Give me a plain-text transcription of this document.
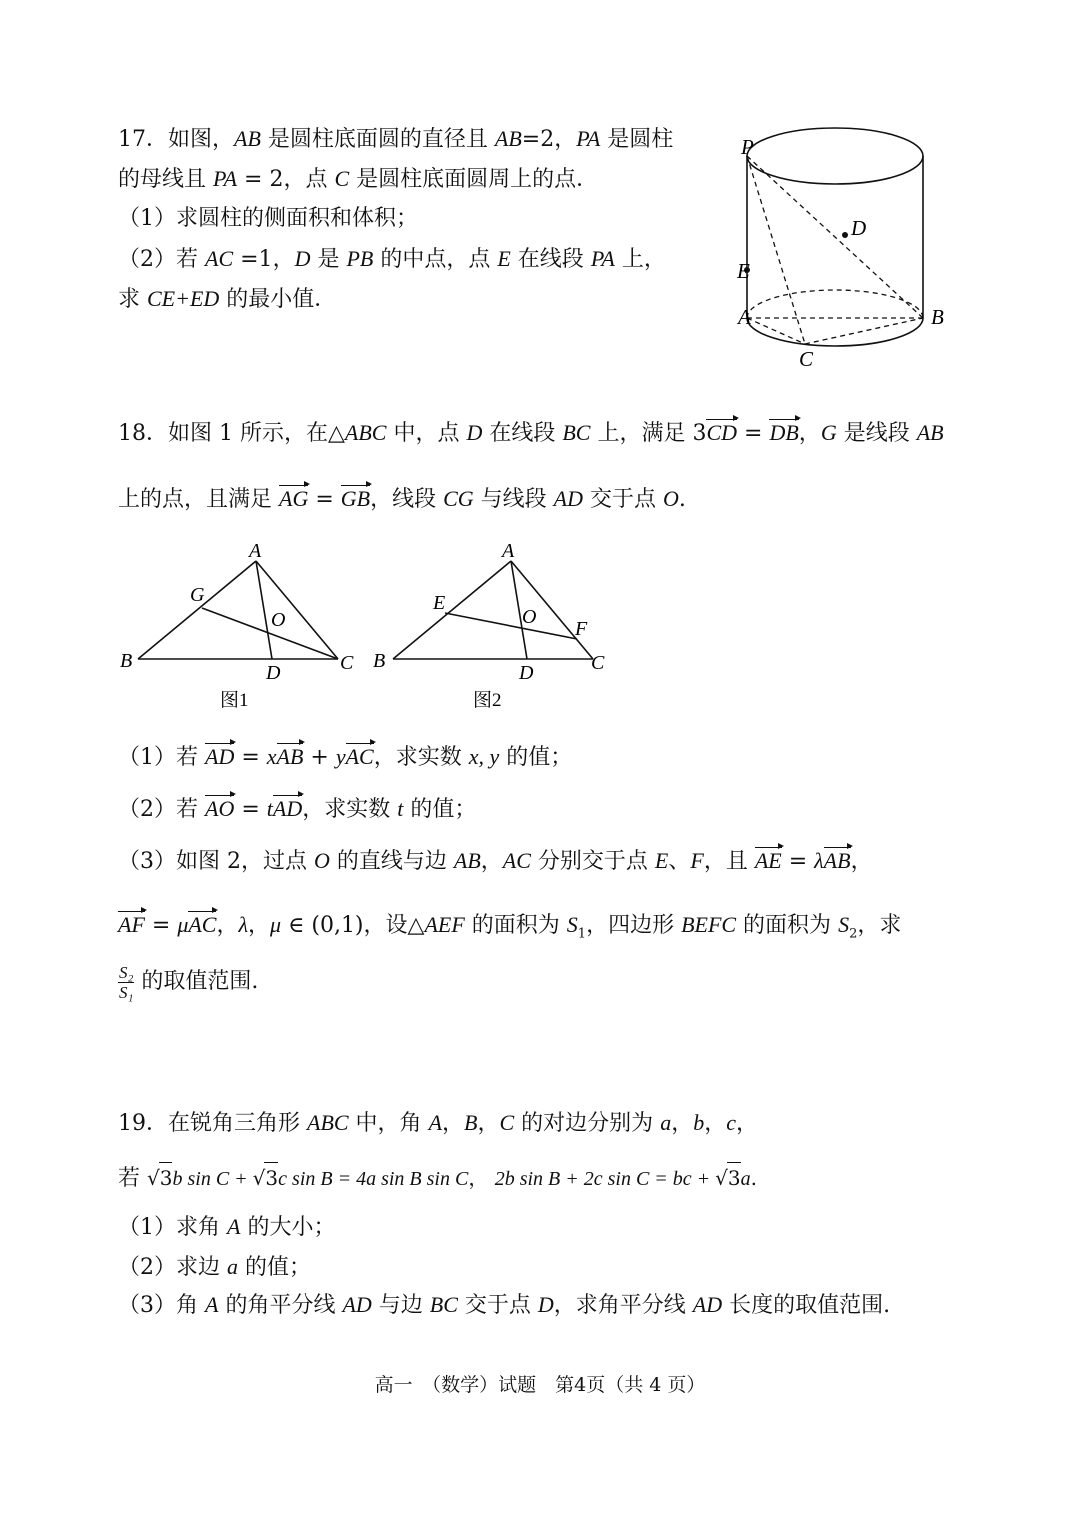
17．如图，AB 是圆柱底面圆的直径且 AB=2，PA 是圆柱
的母线且 PA = 2，点 C 是圆柱底面圆周上的点．
（1）求圆柱的侧面积和体积；
（2）若 AC =1，D 是 PB 的中点，点 E 在线段 PA 上，
求 CE+ED 的最小值．
P
D
E
A	B
C
18．如图 1 所示，在△ABC 中，点 D 在线段 BC 上，满足 3CD = DB，G 是线段 AB
上的点，且满足 AG = GB，线段 CG 与线段 AD 交于点 O.
A
G
O
B
D	C
图1
A
E
O
F
B
D	C
图2
（1）若 AD = xAB + yAC，求实数 x, y 的值；
（2）若 AO = tAD，求实数 t 的值；
（3）如图 2，过点 O 的直线与边 AB，AC 分别交于点 E、F，且 AE = λAB，
AF = μAC，λ，μ ∈ (0,1)，设△AEF 的面积为 $S_1$，四边形 BEFC 的面积为 $S_2$，求
$\frac{\text{S₂}}{\text{S₁}}$ 的取值范围.
19．在锐角三角形 ABC 中，角 A，B，C 的对边分别为 a，b，c，
若 √3b sin C + √3c sin B = 4a sin B sin C， 2b sin B + 2c sin C = bc + √3a.
（1）求角 A 的大小；
（2）求边 a 的值；
（3）角 A 的角平分线 AD 与边 BC 交于点 D，求角平分线 AD 长度的取值范围.
高一　（数学）试题　第4页（共 4 页）
